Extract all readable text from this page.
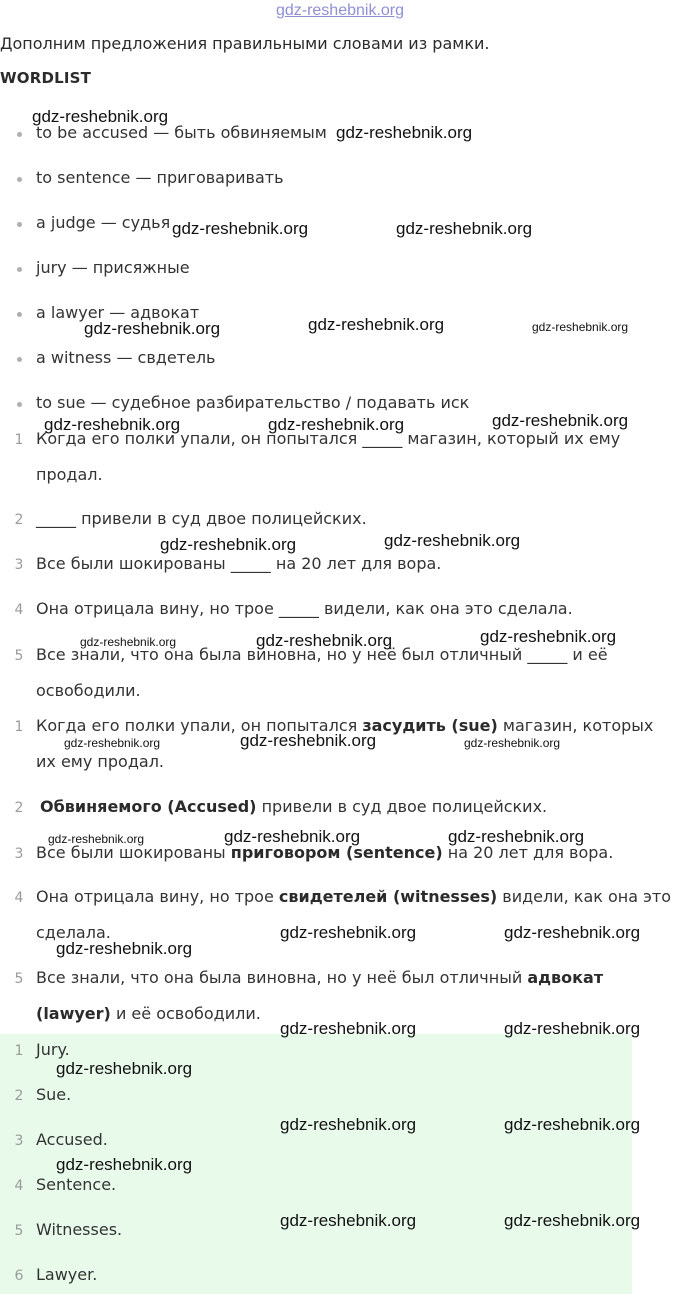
gdz-reshebnik.org
Дополним предложения правильными словами из рамки.
WORDLIST
to be accused — быть обвиняемым
to sentence — приговаривать
a judge — судья
jury — присяжные
a lawyer — адвокат
a witness — свдетель
to sue — судебное разбирательство / подавать иск
1 Когда его полки упали, он попытался _____ магазин, который их ему продал.
2 _____ привели в суд двое полицейских.
3 Все были шокированы _____ на 20 лет для вора.
4 Она отрицала вину, но трое _____ видели, как она это сделала.
5 Все знали, что она была виновна, но у неё был отличный _____ и её освободили.
1 Когда его полки упали, он попытался засудить (sue) магазин, которых их ему продал.
2 Обвиняемого (Accused) привели в суд двое полицейских.
3 Все были шокированы приговором (sentence) на 20 лет для вора.
4 Она отрицала вину, но трое свидетелей (witnesses) видели, как она это сделала.
5 Все знали, что она была виновна, но у неё был отличный адвокат (lawyer) и её освободили.
1 Jury.
2 Sue.
3 Accused.
4 Sentence.
5 Witnesses.
6 Lawyer.
gdz-reshebnik.org
gdz-reshebnik.org
gdz-reshebnik.org	gdz-reshebnik.org
gdz-reshebnik.org	gdz-reshebnik.org	gdz-reshebnik.org
gdz-reshebnik.org	gdz-reshebnik.org	gdz-reshebnik.org
gdz-reshebnik.org	gdz-reshebnik.org
gdz-reshebnik.org	gdz-reshebnik.org	gdz-reshebnik.org
gdz-reshebnik.org	gdz-reshebnik.org	gdz-reshebnik.org
gdz-reshebnik.org	gdz-reshebnik.org	gdz-reshebnik.org
gdz-reshebnik.org
gdz-reshebnik.org	gdz-reshebnik.org
gdz-reshebnik.org	gdz-reshebnik.org
gdz-reshebnik.org
gdz-reshebnik.org	gdz-reshebnik.org
gdz-reshebnik.org
gdz-reshebnik.org	gdz-reshebnik.org
